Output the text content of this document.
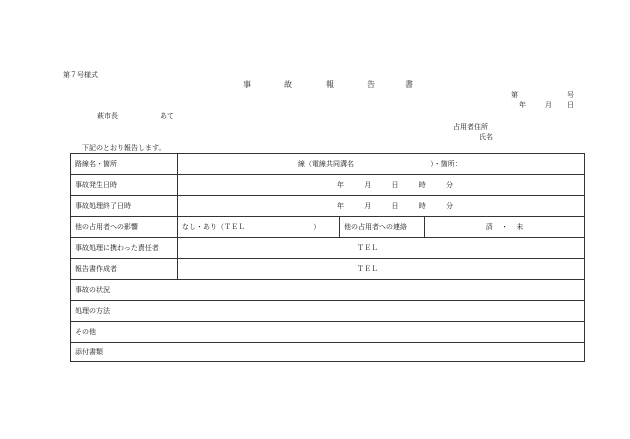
第７号様式
事	故	報	告	書
第	号
年	月 日
萩市長	あて
占用者住所
氏名
下記のとおり報告します。
路線名・箇所	線（電線共同溝名 ）・箇所：		
事故発生日時	年 月 日 時 分		
事故処理終了日時	年 月 日 時 分		
他の占用者への影響	なし・あり（ＴＥＬ ）	他の占用者への連絡	済 ・ 未
事故処理に携わった責任者	ＴＥＬ		
報告書作成者	ＴＥＬ		
事故の状況			
処理の方法			
その他			
添付書類			
